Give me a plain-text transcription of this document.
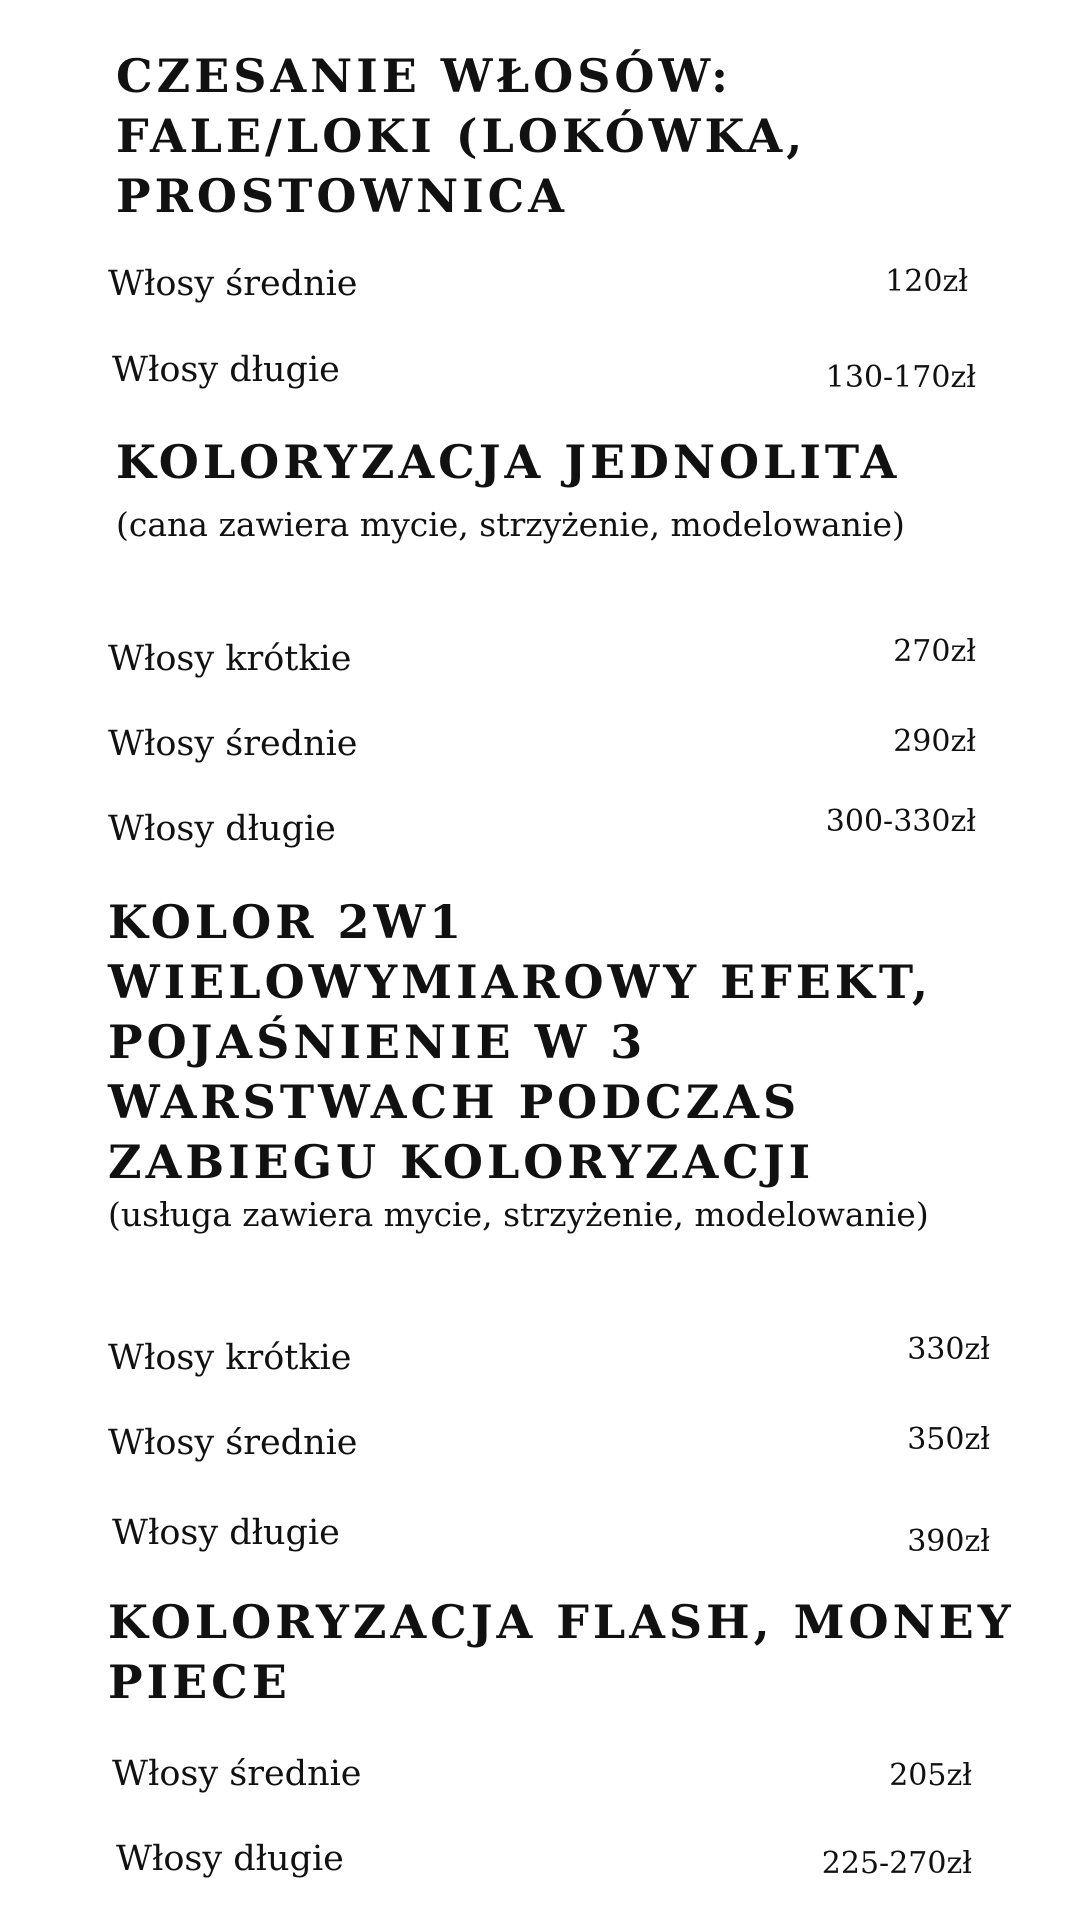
CZESANIE WŁOSÓW:
FALE/LOKI (LOKÓWKA,
PROSTOWNICA
Włosy średnie	120zł
Włosy długie	130-170zł
KOLORYZACJA JEDNOLITA

(cana zawiera mycie, strzyżenie, modelowanie)

Włosy krótkie	270zł
Włosy średnie	290zł
Włosy długie	300-330zł
KOLOR 2W1
WIELOWYMIAROWY EFEKT,
POJAŚNIENIE W 3
WARSTWACH PODCZAS
ZABIEGU KOLORYZACJI

(usługa zawiera mycie, strzyżenie, modelowanie)

Włosy krótkie	330zł
Włosy średnie	350zł
Włosy długie	390zł
KOLORYZACJA FLASH, MONEY
PIECE
Włosy średnie	205zł
Włosy długie	225-270zł
